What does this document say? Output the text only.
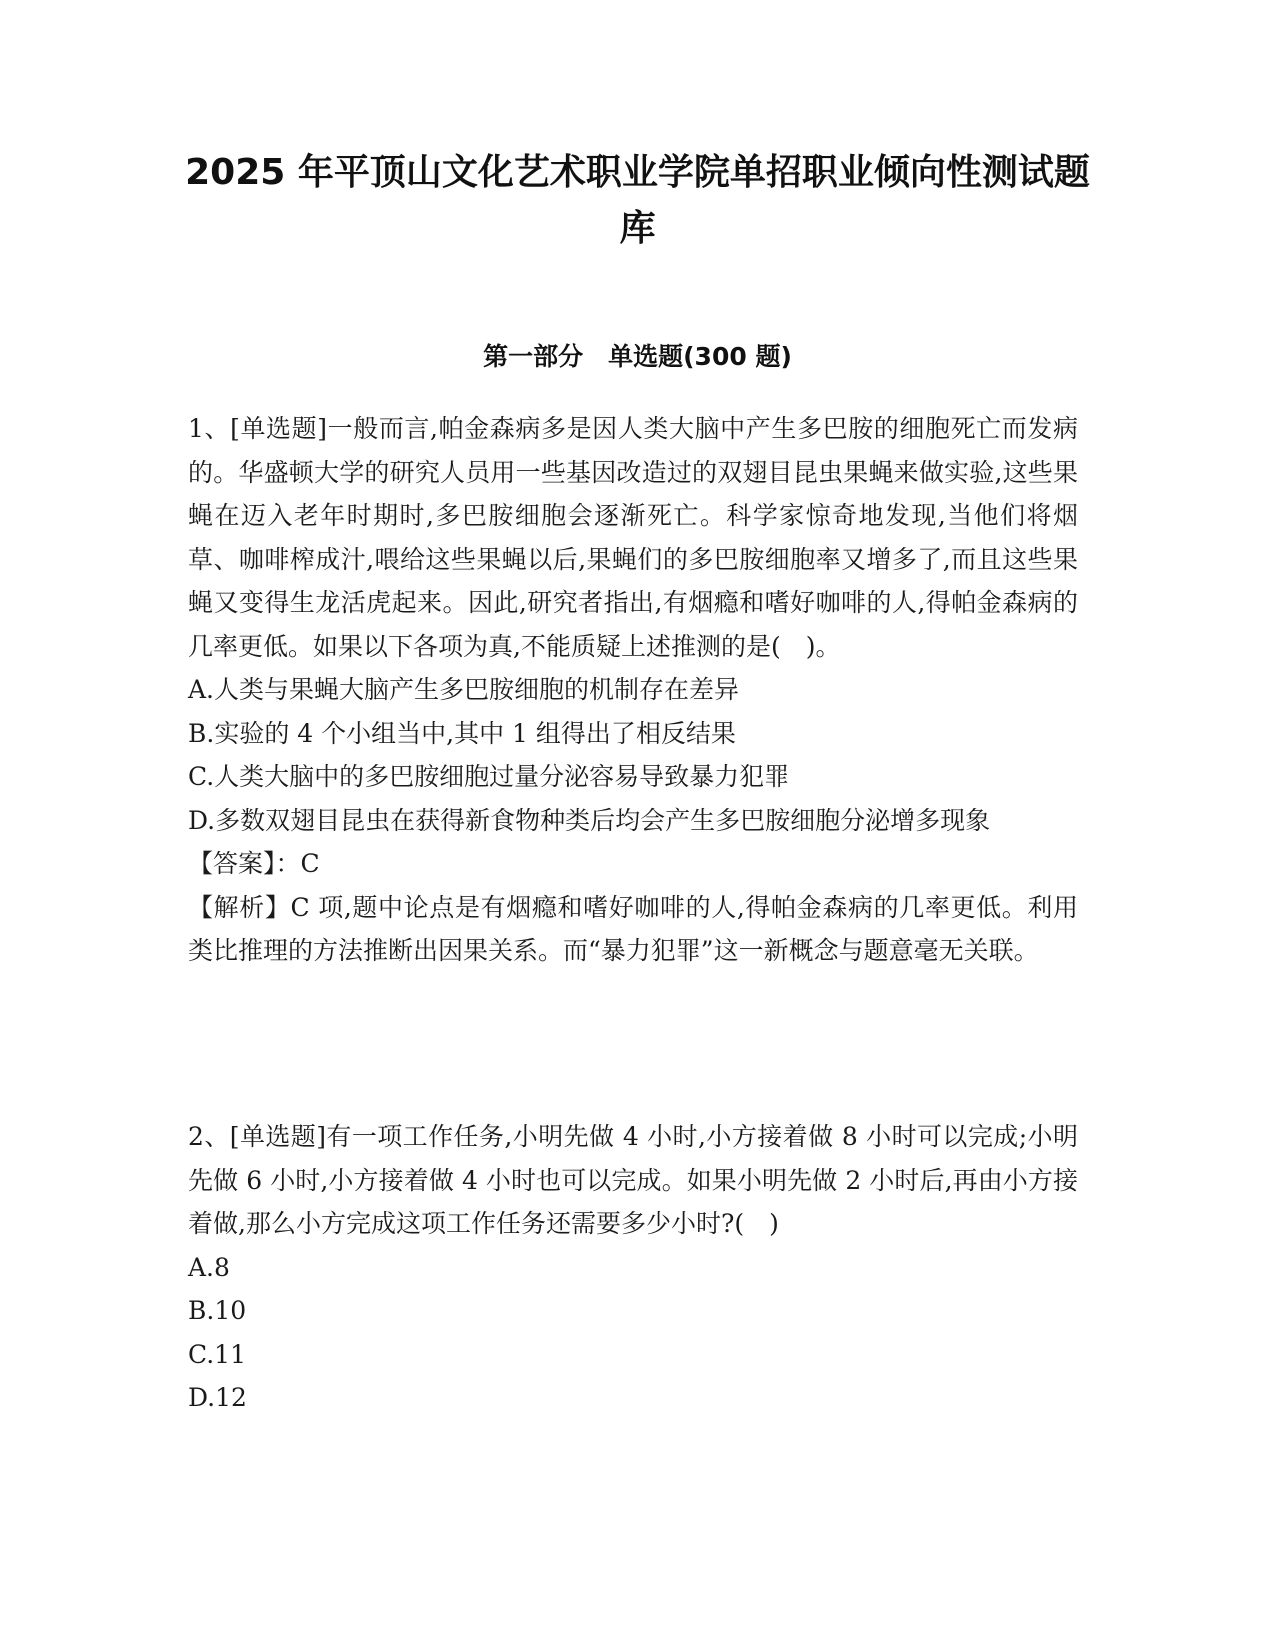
2025 年平顶山文化艺术职业学院单招职业倾向性测试题库
第一部分　单选题(300 题)

1、[单选题]一般而言,帕金森病多是因人类大脑中产生多巴胺的细胞死亡而发病的。华盛顿大学的研究人员用一些基因改造过的双翅目昆虫果蝇来做实验,这些果蝇在迈入老年时期时,多巴胺细胞会逐渐死亡。科学家惊奇地发现,当他们将烟草、咖啡榨成汁,喂给这些果蝇以后,果蝇们的多巴胺细胞率又增多了,而且这些果蝇又变得生龙活虎起来。因此,研究者指出,有烟瘾和嗜好咖啡的人,得帕金森病的几率更低。如果以下各项为真,不能质疑上述推测的是(　)。

A.人类与果蝇大脑产生多巴胺细胞的机制存在差异
B.实验的 4 个小组当中,其中 1 组得出了相反结果
C.人类大脑中的多巴胺细胞过量分泌容易导致暴力犯罪
D.多数双翅目昆虫在获得新食物种类后均会产生多巴胺细胞分泌增多现象
【答案】：C

【解析】C 项,题中论点是有烟瘾和嗜好咖啡的人,得帕金森病的几率更低。利用类比推理的方法推断出因果关系。而“暴力犯罪”这一新概念与题意毫无关联。

2、[单选题]有一项工作任务,小明先做 4 小时,小方接着做 8 小时可以完成;小明先做 6 小时,小方接着做 4 小时也可以完成。如果小明先做 2 小时后,再由小方接着做,那么小方完成这项工作任务还需要多少小时?(　)

A.8
B.10
C.11
D.12
